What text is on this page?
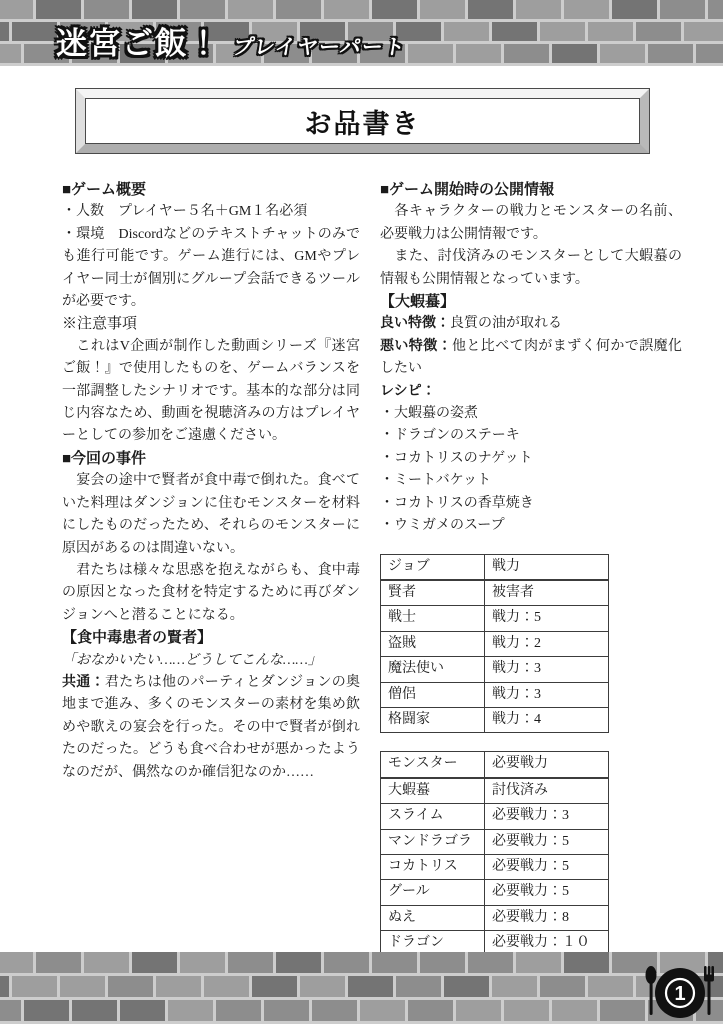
迷宮ご飯！ プレイヤーパート
お品書き

■ゲーム概要

・人数　プレイヤー５名＋GM１名必須

・環境　Discordなどのテキストチャットのみでも進行可能です。ゲーム進行には、GMやプレイヤー同士が個別にグループ会話できるツールが必要です。

※注意事項

　これはV企画が制作した動画シリーズ『迷宮ご飯！』で使用したものを、ゲームバランスを一部調整したシナリオです。基本的な部分は同じ内容なため、動画を視聴済みの方はプレイヤーとしての参加をご遠慮ください。

■今回の事件

　宴会の途中で賢者が食中毒で倒れた。食べていた料理はダンジョンに住むモンスターを材料にしたものだったため、それらのモンスターに原因があるのは間違いない。

　君たちは様々な思惑を抱えながらも、食中毒の原因となった食材を特定するために再びダンジョンへと潜ることになる。

【食中毒患者の賢者】

「おなかいたい……どうしてこんな……」

共通：君たちは他のパーティとダンジョンの奥地まで進み、多くのモンスターの素材を集め飲めや歌えの宴会を行った。その中で賢者が倒れたのだった。どうも食べ合わせが悪かったようなのだが、偶然なのか確信犯なのか……

■ゲーム開始時の公開情報

　各キャラクターの戦力とモンスターの名前、必要戦力は公開情報です。

　また、討伐済みのモンスターとして大蝦蟇の情報も公開情報となっています。

【大蝦蟇】

良い特徴：良質の油が取れる

悪い特徴：他と比べて肉がまずく何かで誤魔化したい

レシピ：

・大蝦蟇の姿煮

・ドラゴンのステーキ

・コカトリスのナゲット

・ミートバケット

・コカトリスの香草焼き

・ウミガメのスープ

ジョブ	戦力
賢者	被害者
戦士	戦力：5
盗賊	戦力：2
魔法使い	戦力：3
僧侶	戦力：3
格闘家	戦力：4
モンスター	必要戦力
大蝦蟇	討伐済み
スライム	必要戦力：3
マンドラゴラ	必要戦力：5
コカトリス	必要戦力：5
グール	必要戦力：5
ぬえ	必要戦力：8
ドラゴン	必要戦力：１０
1
